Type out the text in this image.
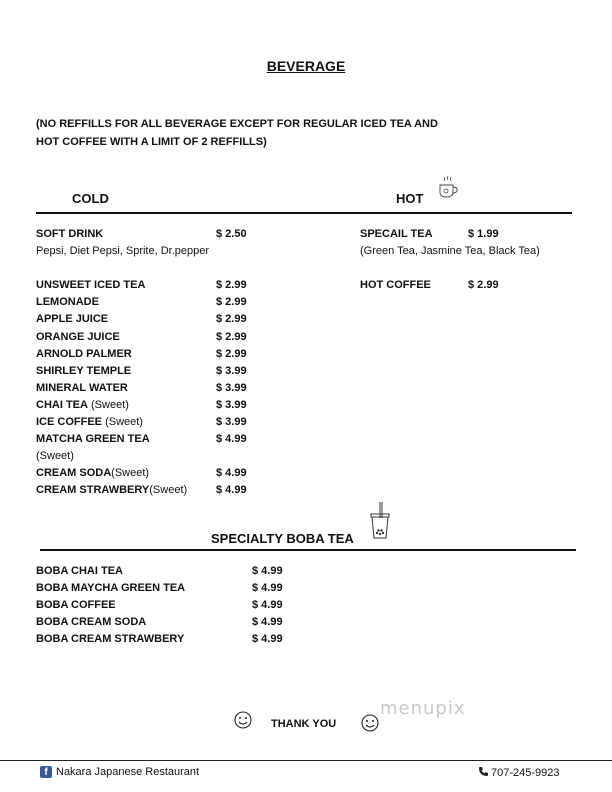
BEVERAGE
(NO REFFILLS FOR ALL BEVERAGE EXCEPT FOR REGULAR ICED TEA AND
HOT COFFEE WITH A LIMIT OF 2 REFFILLS)
COLD	HOT
SOFT DRINK	$ 2.50
Pepsi, Diet Pepsi, Sprite, Dr.pepper
SPECAIL TEA	$ 1.99
(Green Tea, Jasmine Tea, Black Tea)
HOT COFFEE	$ 2.99
UNSWEET ICED TEA	$ 2.99
LEMONADE	$ 2.99
APPLE JUICE	$ 2.99
ORANGE JUICE	$ 2.99
ARNOLD PALMER	$ 2.99
SHIRLEY TEMPLE	$ 3.99
MINERAL WATER	$ 3.99
CHAI TEA (Sweet)	$ 3.99
ICE COFFEE (Sweet)	$ 3.99
MATCHA GREEN TEA	$ 4.99
(Sweet)
CREAM SODA(Sweet)	$ 4.99
CREAM STRAWBERY(Sweet)	$ 4.99
SPECIALTY BOBA TEA
BOBA CHAI TEA	$ 4.99
BOBA MAYCHA GREEN TEA	$ 4.99
BOBA COFFEE	$ 4.99
BOBA CREAM SODA	$ 4.99
BOBA CREAM STRAWBERY	$ 4.99
THANK YOU
menupix
f Nakara Japanese Restaurant	707-245-9923
